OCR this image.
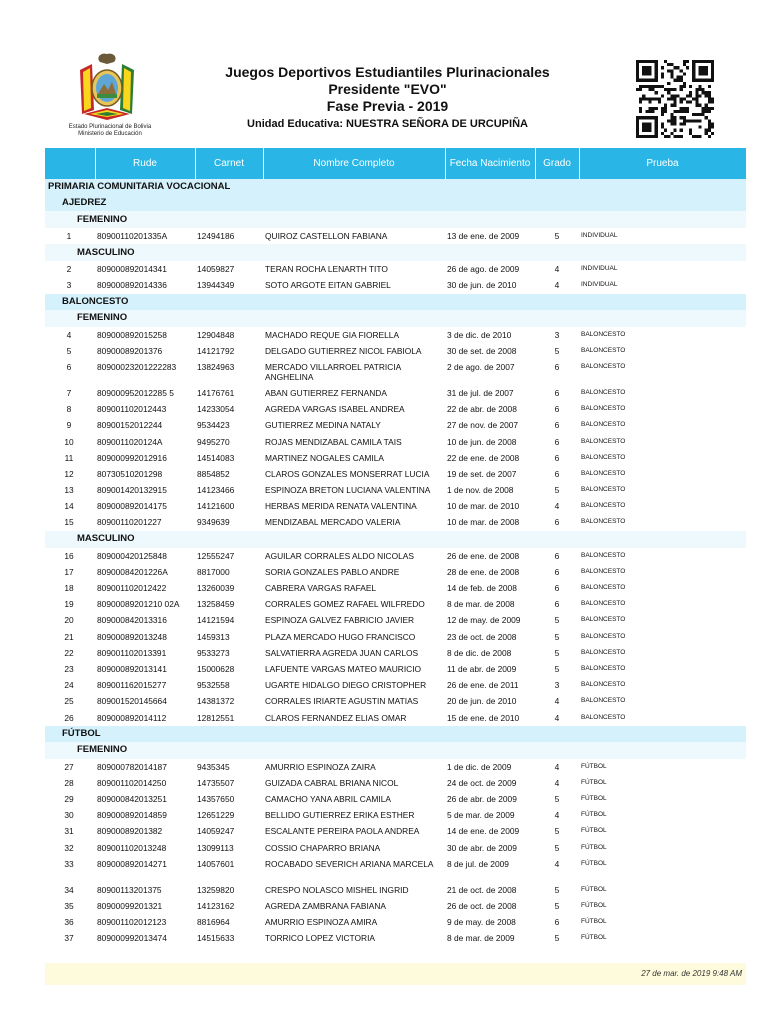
Estado Plurinacional de Bolivia
Ministerio de Educación
Juegos Deportivos Estudiantiles Plurinacionales
Presidente "EVO"
Fase Previa - 2019
Unidad Educativa: NUESTRA SEÑORA DE URCUPIÑA
	Rude	Carnet	Nombre Completo	Fecha Nacimiento	Grado	Prueba
PRIMARIA COMUNITARIA VOCACIONAL						
AJEDREZ						
FEMENINO						
1	80900110201335A	12494186	QUIROZ CASTELLON FABIANA	13 de ene. de 2009	5	INDIVIDUAL
MASCULINO						
2	809000892014341	14059827	TERAN ROCHA LENARTH TITO	26 de ago. de 2009	4	INDIVIDUAL
3	809000892014336	13944349	SOTO ARGOTE EITAN GABRIEL	30 de jun. de 2010	4	INDIVIDUAL
BALONCESTO						
FEMENINO						
4	809000892015258	12904848	MACHADO REQUE GIA FIORELLA	3 de dic. de 2010	3	BALONCESTO
5	80900089201376	14121792	DELGADO GUTIERREZ NICOL FABIOLA	30 de set. de 2008	5	BALONCESTO
6	80900023201222283	13824963	MERCADO VILLARROEL PATRICIA ANGHELINA	2 de ago. de 2007	6	BALONCESTO
7	809000952012285 5	14176761	ABAN GUTIERREZ FERNANDA	31 de jul. de 2007	6	BALONCESTO
8	809001102012443	14233054	AGREDA VARGAS ISABEL ANDREA	22 de abr. de 2008	6	BALONCESTO
9	80900152012244	9534423	GUTIERREZ MEDINA NATALY	27 de nov. de 2007	6	BALONCESTO
10	8090011020124A	9495270	ROJAS MENDIZABAL CAMILA TAIS	10 de jun. de 2008	6	BALONCESTO
11	809000992012916	14514083	MARTINEZ NOGALES CAMILA	22 de ene. de 2008	6	BALONCESTO
12	80730510201298	8854852	CLAROS GONZALES MONSERRAT LUCIA	19 de set. de 2007	6	BALONCESTO
13	809001420132915	14123466	ESPINOZA BRETON LUCIANA VALENTINA	1 de nov. de 2008	5	BALONCESTO
14	809000892014175	14121600	HERBAS MERIDA RENATA VALENTINA	10 de mar. de 2010	4	BALONCESTO
15	80900110201227	9349639	MENDIZABAL MERCADO VALERIA	10 de mar. de 2008	6	BALONCESTO
MASCULINO						
16	809000420125848	12555247	AGUILAR CORRALES ALDO NICOLAS	26 de ene. de 2008	6	BALONCESTO
17	80900084201226A	8817000	SORIA GONZALES PABLO ANDRE	28 de ene. de 2008	6	BALONCESTO
18	809001102012422	13260039	CABRERA VARGAS RAFAEL	14 de feb. de 2008	6	BALONCESTO
19	80900089201210 02A	13258459	CORRALES GOMEZ RAFAEL WILFREDO	8 de mar. de 2008	6	BALONCESTO
20	809000842013316	14121594	ESPINOZA GALVEZ FABRICIO JAVIER	12 de may. de 2009	5	BALONCESTO
21	809000892013248	1459313	PLAZA MERCADO HUGO FRANCISCO	23 de oct. de 2008	5	BALONCESTO
22	809001102013391	9533273	SALVATIERRA AGREDA JUAN CARLOS	8 de dic. de 2008	5	BALONCESTO
23	809000892013141	15000628	LAFUENTE VARGAS MATEO MAURICIO	11 de abr. de 2009	5	BALONCESTO
24	809001162015277	9532558	UGARTE HIDALGO DIEGO CRISTOPHER	26 de ene. de 2011	3	BALONCESTO
25	809001520145664	14381372	CORRALES IRIARTE AGUSTIN MATIAS	20 de jun. de 2010	4	BALONCESTO
26	809000892014112	12812551	CLAROS FERNANDEZ ELIAS OMAR	15 de ene. de 2010	4	BALONCESTO
FÚTBOL						
FEMENINO						
27	809000782014187	9435345	AMURRIO ESPINOZA ZAIRA	1 de dic. de 2009	4	FÚTBOL
28	809001102014250	14735507	GUIZADA CABRAL BRIANA NICOL	24 de oct. de 2009	4	FÚTBOL
29	809000842013251	14357650	CAMACHO YANA ABRIL CAMILA	26 de abr. de 2009	5	FÚTBOL
30	809000892014859	12651229	BELLIDO GUTIERREZ ERIKA ESTHER	5 de mar. de 2009	4	FÚTBOL
31	80900089201382	14059247	ESCALANTE PEREIRA PAOLA ANDREA	14 de ene. de 2009	5	FÚTBOL
32	809001102013248	13099113	COSSIO CHAPARRO BRIANA	30 de abr. de 2009	5	FÚTBOL
33	809000892014271	14057601	ROCABADO SEVERICH ARIANA MARCELA	8 de jul. de 2009	4	FÚTBOL
34	80900113201375	13259820	CRESPO NOLASCO MISHEL INGRID	21 de oct. de 2008	5	FÚTBOL
35	80900099201321	14123162	AGREDA ZAMBRANA FABIANA	26 de oct. de 2008	5	FÚTBOL
36	809001102012123	8816964	AMURRIO ESPINOZA AMIRA	9 de may. de 2008	6	FÚTBOL
37	809000992013474	14515633	TORRICO LOPEZ VICTORIA	8 de mar. de 2009	5	FÚTBOL
27 de mar. de 2019 9:48 AM
